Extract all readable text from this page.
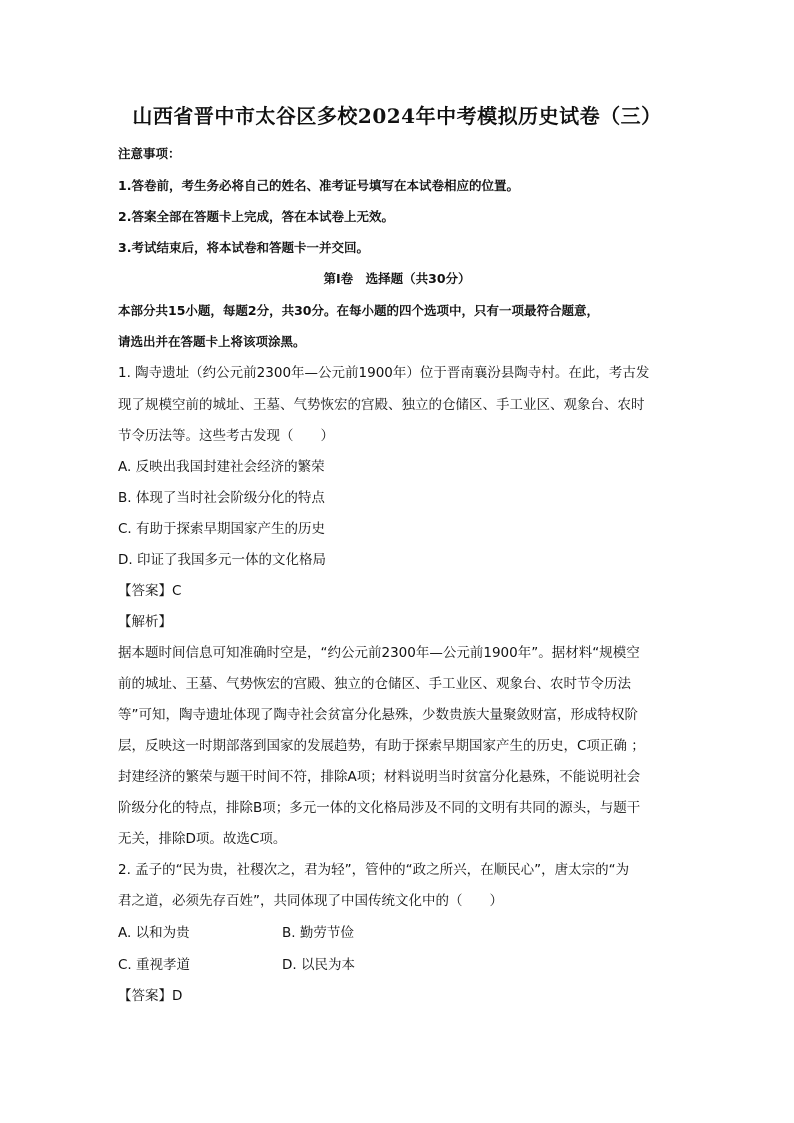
山西省晋中市太谷区多校2024年中考模拟历史试卷（三）
注意事项：
1.答卷前，考生务必将自己的姓名、准考证号填写在本试卷相应的位置。
2.答案全部在答题卡上完成，答在本试卷上无效。
3.考试结束后，将本试卷和答题卡一并交回。
第Ⅰ卷　选择题（共30分）
本部分共15小题，每题2分，共30分。在每小题的四个选项中，只有一项最符合题意，
请选出并在答题卡上将该项涂黑。
1. 陶寺遗址（约公元前2300年—公元前1900年）位于晋南襄汾县陶寺村。在此，考古发
现了规模空前的城址、王墓、气势恢宏的宫殿、独立的仓储区、手工业区、观象台、农时
节令历法等。这些考古发现（　　）
A. 反映出我国封建社会经济的繁荣
B. 体现了当时社会阶级分化的特点
C. 有助于探索早期国家产生的历史
D. 印证了我国多元一体的文化格局
【答案】C
【解析】
据本题时间信息可知准确时空是，“约公元前2300年—公元前1900年”。据材料“规模空
前的城址、王墓、气势恢宏的宫殿、独立的仓储区、手工业区、观象台、农时节令历法
等”可知，陶寺遗址体现了陶寺社会贫富分化悬殊，少数贵族大量聚敛财富，形成特权阶
层，反映这一时期部落到国家的发展趋势，有助于探索早期国家产生的历史，C项正确 ；
封建经济的繁荣与题干时间不符，排除A项；材料说明当时贫富分化悬殊，不能说明社会
阶级分化的特点，排除B项；多元一体的文化格局涉及不同的文明有共同的源头，与题干
无关，排除D项。故选C项。
2. 孟子的“民为贵，社稷次之，君为轻”，管仲的“政之所兴，在顺民心”，唐太宗的“为
君之道，必须先存百姓”，共同体现了中国传统文化中的（　　）
A. 以和为贵	B. 勤劳节俭
C. 重视孝道	D. 以民为本
【答案】D
